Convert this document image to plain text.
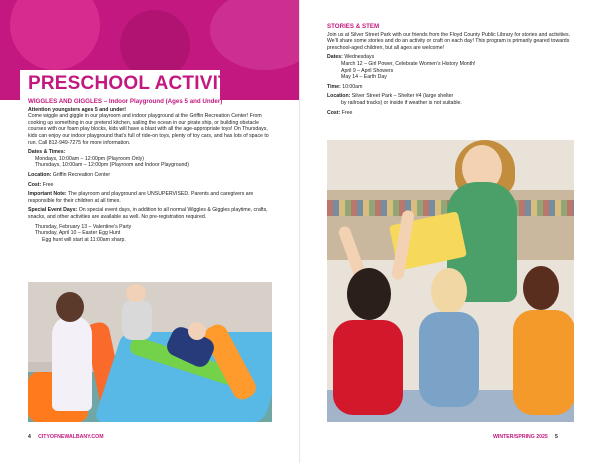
PRESCHOOL ACTIVITIES
WIGGLES AND GIGGLES – Indoor Playground (Ages 5 and Under)

Attention youngsters ages 5 and under!

Come wiggle and giggle in our playroom and indoor playground at the Griffin Recreation Center! From cooking up something in our pretend kitchen, sailing the ocean in our pirate ship, or building obstacle courses with our foam play blocks, kids will have a blast with all the age-appropriate toys! On Thursdays, kids can enjoy our indoor playground that’s full of ride-on toys, plenty of toy cars, and has lots of space to run. Call 812-949-7275 for more information.

Dates & Times:

Mondays, 10:00am – 12:00pm (Playroom Only)

Thursdays, 10:00am – 12:00pm (Playroom and Indoor Playground)

Location: Griffin Recreation Center

Cost: Free

Important Note: The playroom and playground are UNSUPERVISED. Parents and caregivers are responsible for their children at all times.

Special Event Days: On special event days, in addition to all normal Wiggles & Giggles playtime, crafts, snacks, and other activities are available as well. No pre-registration required.

Thursday, February 13 – Valentine's Party

Thursday, April 10 – Easter Egg Hunt

Egg hunt will start at 11:00am sharp.

4 CITYOFNEWALBANY.COM
STORIES & STEM

Join us at Silver Street Park with our friends from the Floyd County Public Library for stories and activities. We’ll share some stories and do an activity or craft on each day! This program is primarily geared towards preschool-aged children, but all ages are welcome!

Dates: Wednesdays

March 12 – Girl Power, Celebrate Women’s History Month!

April 9 – April Showers

May 14 – Earth Day

Time: 10:00am

Location: Silver Street Park – Shelter #4 (large shelter

by railroad tracks) or inside if weather is not suitable.

Cost: Free

WINTER/SPRING 2025 5
